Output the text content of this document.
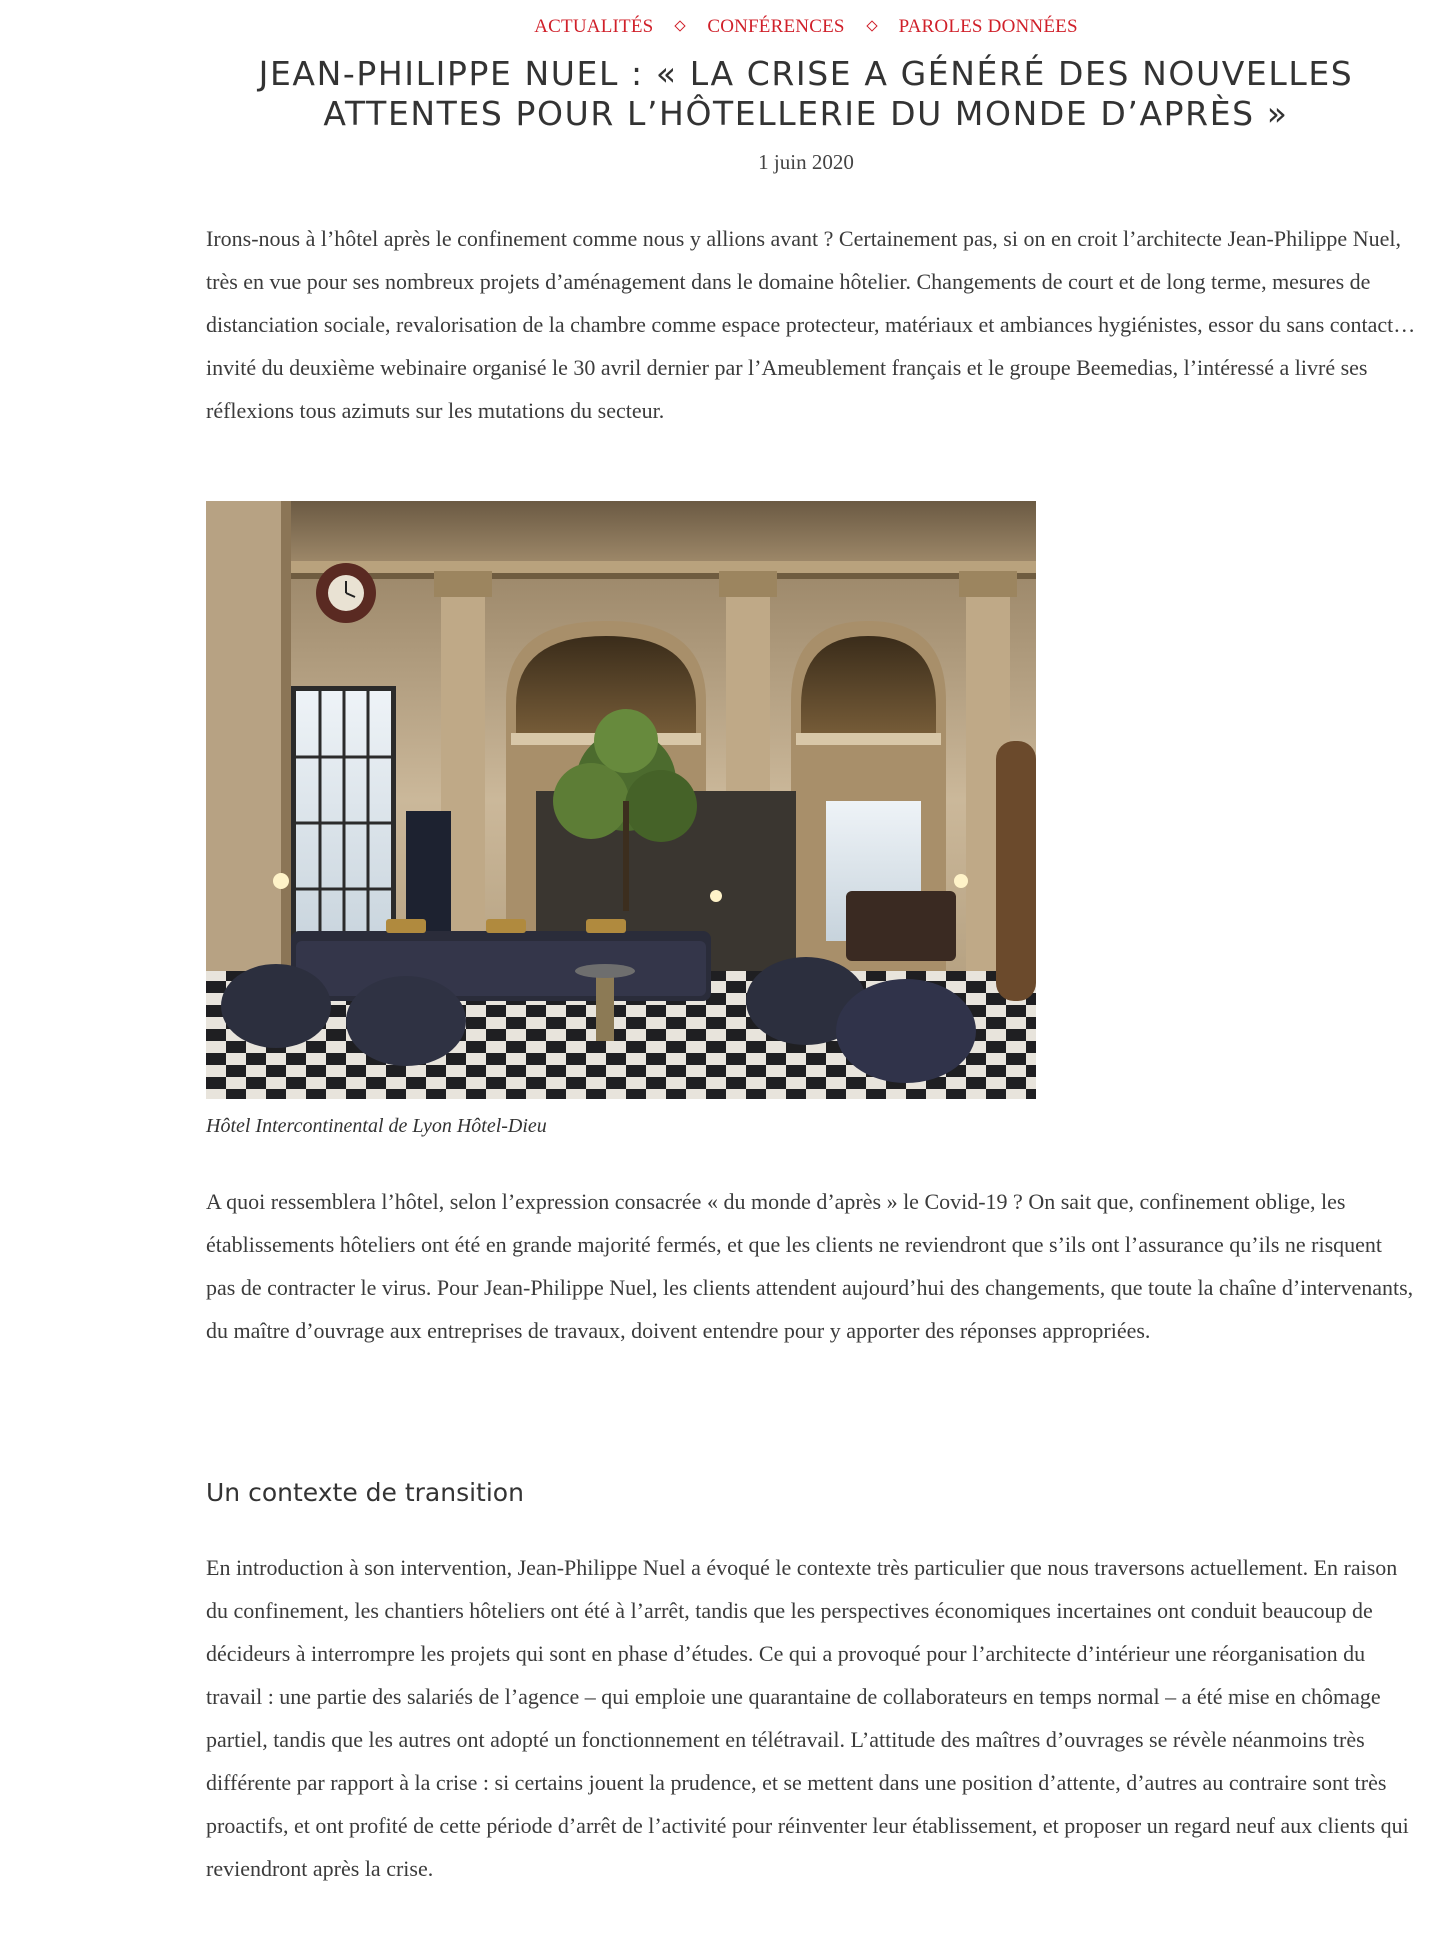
ACTUALITÉS	CONFÉRENCES	PAROLES DONNÉES
JEAN-PHILIPPE NUEL : « LA CRISE A GÉNÉRÉ DES NOUVELLES ATTENTES POUR L’HÔTELLERIE DU MONDE D’APRÈS »
1 juin 2020

Irons-nous à l’hôtel après le confinement comme nous y allions avant ? Certainement pas, si on en croit l’architecte Jean-Philippe Nuel, très en vue pour ses nombreux projets d’aménagement dans le domaine hôtelier. Changements de court et de long terme, mesures de distanciation sociale, revalorisation de la chambre comme espace protecteur, matériaux et ambiances hygiénistes, essor du sans contact… invité du deuxième webinaire organisé le 30 avril dernier par l’Ameublement français et le groupe Beemedias, l’intéressé a livré ses réflexions tous azimuts sur les mutations du secteur.

Hôtel Intercontinental de Lyon Hôtel-Dieu

A quoi ressemblera l’hôtel, selon l’expression consacrée « du monde d’après » le Covid-19 ? On sait que, confinement oblige, les établissements hôteliers ont été en grande majorité fermés, et que les clients ne reviendront que s’ils ont l’assurance qu’ils ne risquent pas de contracter le virus. Pour Jean-Philippe Nuel, les clients attendent aujourd’hui des changements, que toute la chaîne d’intervenants, du maître d’ouvrage aux entreprises de travaux, doivent entendre pour y apporter des réponses appropriées.

Un contexte de transition

En introduction à son intervention, Jean-Philippe Nuel a évoqué le contexte très particulier que nous traversons actuellement. En raison du confinement, les chantiers hôteliers ont été à l’arrêt, tandis que les perspectives économiques incertaines ont conduit beaucoup de décideurs à interrompre les projets qui sont en phase d’études. Ce qui a provoqué pour l’architecte d’intérieur une réorganisation du travail : une partie des salariés de l’agence – qui emploie une quarantaine de collaborateurs en temps normal – a été mise en chômage partiel, tandis que les autres ont adopté un fonctionnement en télétravail. L’attitude des maîtres d’ouvrages se révèle néanmoins très différente par rapport à la crise : si certains jouent la prudence, et se mettent dans une position d’attente, d’autres au contraire sont très proactifs, et ont profité de cette période d’arrêt de l’activité pour réinventer leur établissement, et proposer un regard neuf aux clients qui reviendront après la crise.
